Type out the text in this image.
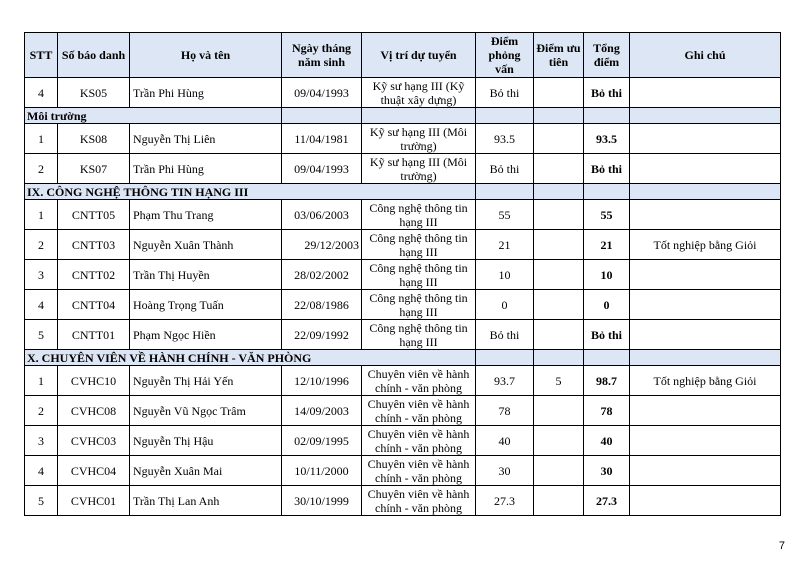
STT	Số báo danh	Họ và tên	Ngày tháng năm sinh	Vị trí dự tuyển	Điểm phỏng vấn	Điểm ưu tiên	Tổng điểm	Ghi chú
4	KS05	Trần Phi Hùng	09/04/1993	Kỹ sư hạng III (Kỹ thuật xây dựng)	Bỏ thi		Bỏ thi	
Môi trường								
1	KS08	Nguyễn Thị Liên	11/04/1981	Kỹ sư hạng III (Môi trường)	93.5		93.5	
2	KS07	Trần Phi Hùng	09/04/1993	Kỹ sư hạng III (Môi trường)	Bỏ thi		Bỏ thi	
IX. CÔNG NGHỆ THÔNG TIN HẠNG III								
1	CNTT05	Phạm Thu Trang	03/06/2003	Công nghệ thông tin hạng III	55		55	
2	CNTT03	Nguyễn Xuân Thành	29/12/2003	Công nghệ thông tin hạng III	21		21	Tốt nghiệp bằng Giỏi
3	CNTT02	Trần Thị Huyền	28/02/2002	Công nghệ thông tin hạng III	10		10	
4	CNTT04	Hoàng Trọng Tuấn	22/08/1986	Công nghệ thông tin hạng III	0		0	
5	CNTT01	Phạm Ngọc Hiền	22/09/1992	Công nghệ thông tin hạng III	Bỏ thi		Bỏ thi	
X. CHUYÊN VIÊN VỀ HÀNH CHÍNH - VĂN PHÒNG								
1	CVHC10	Nguyễn Thị Hải Yến	12/10/1996	Chuyên viên về hành chính - văn phòng	93.7	5	98.7	Tốt nghiệp bằng Giỏi
2	CVHC08	Nguyễn Vũ Ngọc Trâm	14/09/2003	Chuyên viên về hành chính - văn phòng	78		78	
3	CVHC03	Nguyễn Thị Hậu	02/09/1995	Chuyên viên về hành chính - văn phòng	40		40	
4	CVHC04	Nguyễn Xuân Mai	10/11/2000	Chuyên viên về hành chính - văn phòng	30		30	
5	CVHC01	Trần Thị Lan Anh	30/10/1999	Chuyên viên về hành chính - văn phòng	27.3		27.3	
7
